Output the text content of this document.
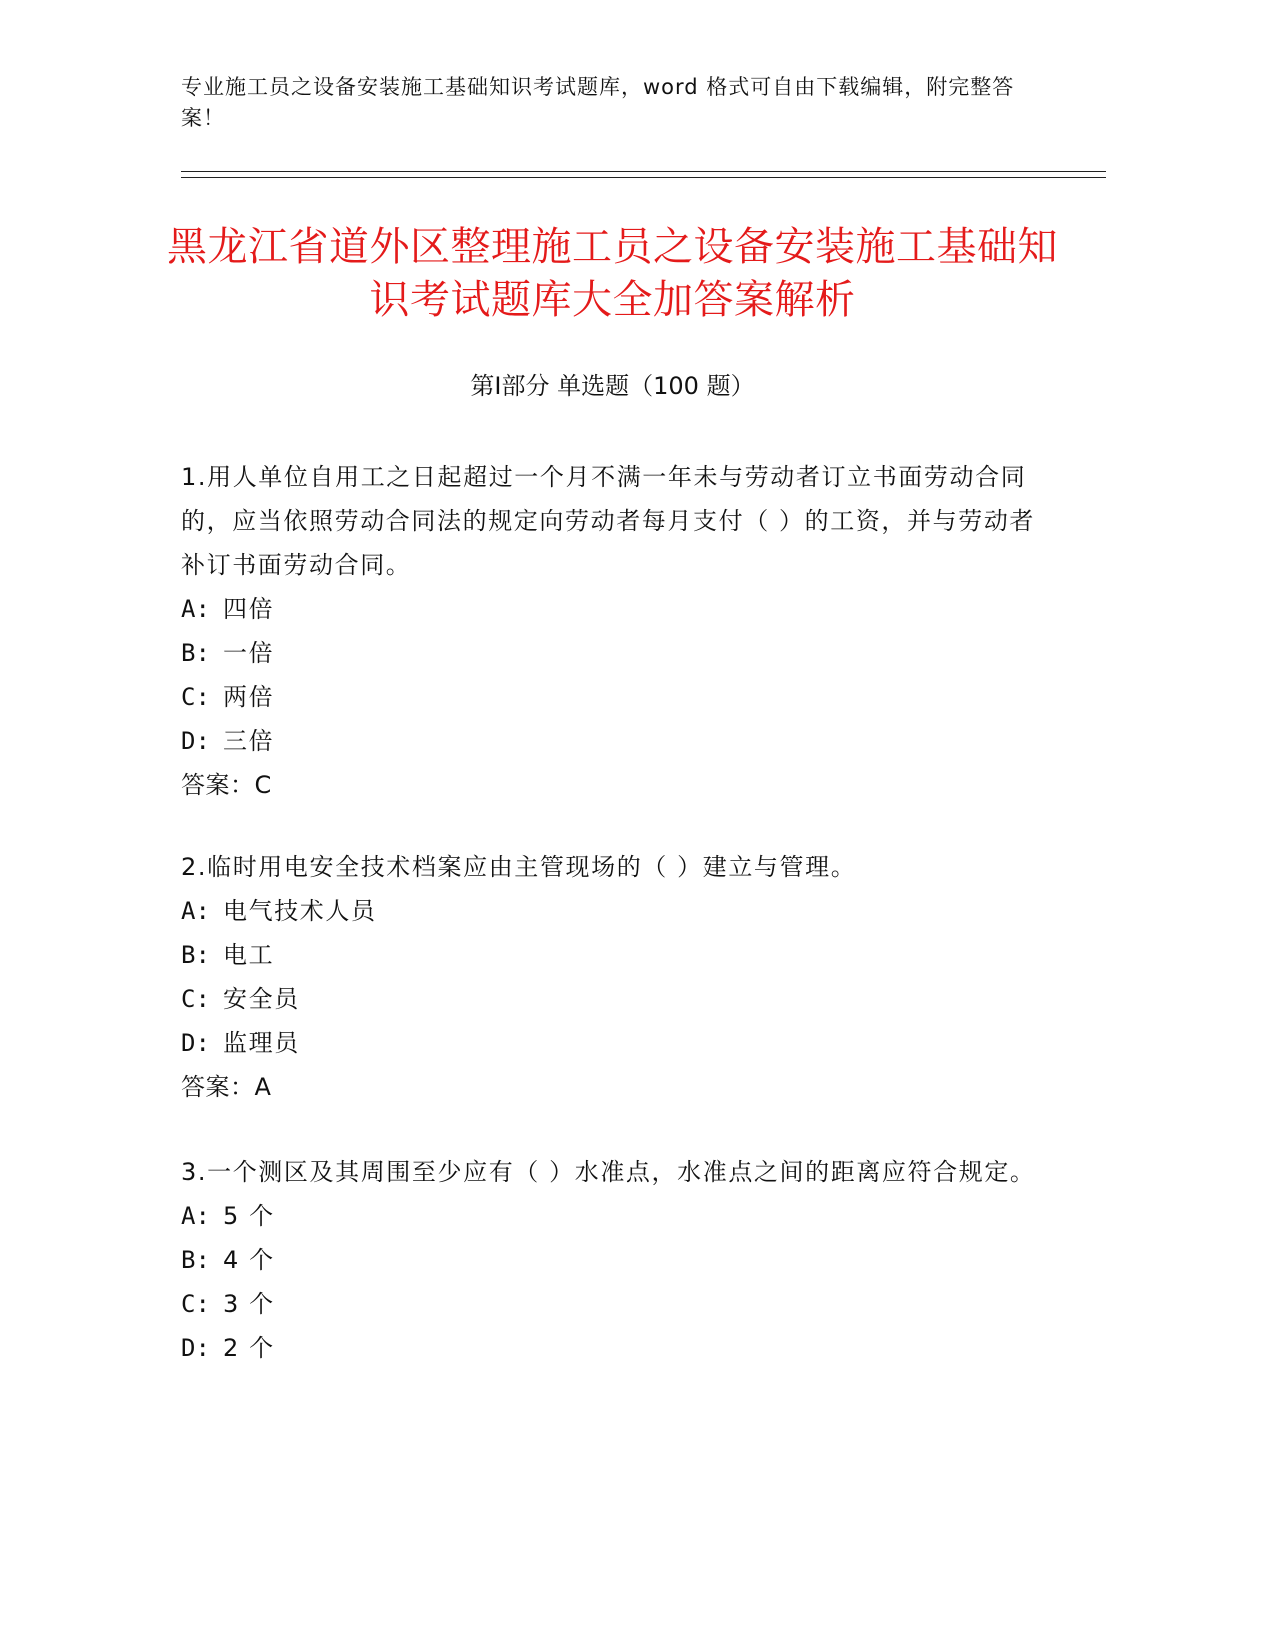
专业施工员之设备安装施工基础知识考试题库，word 格式可自由下载编辑，附完整答案！
黑龙江省道外区整理施工员之设备安装施工基础知识考试题库大全加答案解析
第Ⅰ部分 单选题（100 题）

1.用人单位自用工之日起超过一个月不满一年未与劳动者订立书面劳动合同的，应当依照劳动合同法的规定向劳动者每月支付（ ）的工资，并与劳动者补订书面劳动合同。

A: 四倍
B: 一倍
C: 两倍
D: 三倍

答案：C

2.临时用电安全技术档案应由主管现场的（ ）建立与管理。

A: 电气技术人员
B: 电工
C: 安全员
D: 监理员

答案：A

3.一个测区及其周围至少应有（ ）水准点，水准点之间的距离应符合规定。

A: 5 个
B: 4 个
C: 3 个
D: 2 个
